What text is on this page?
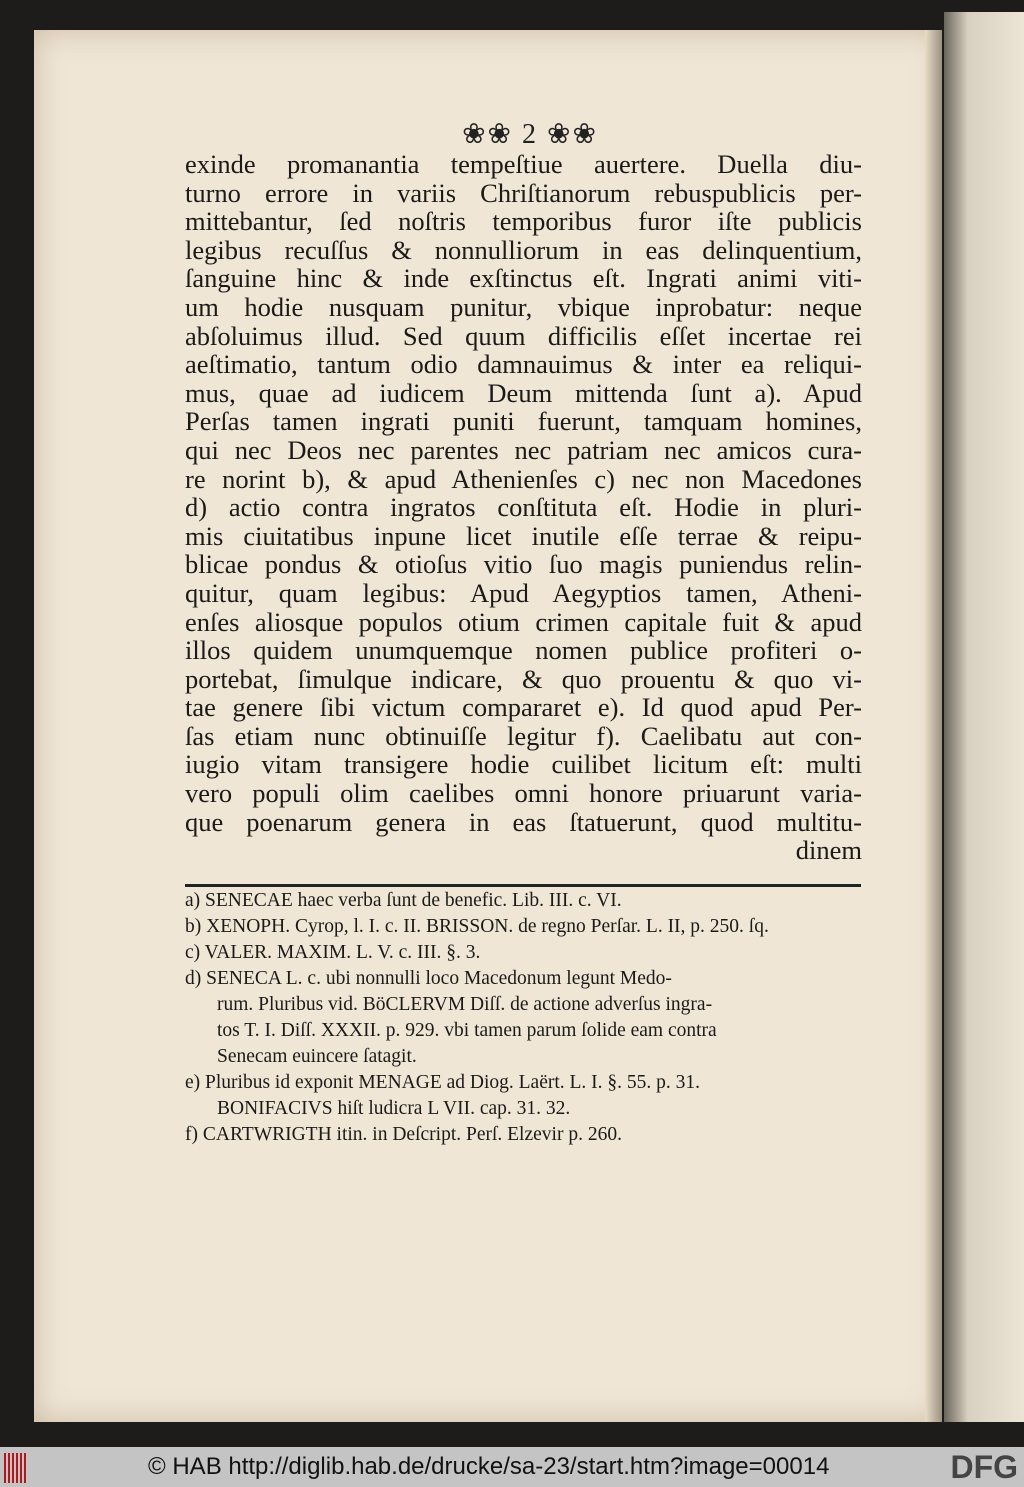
❀❀ 2 ❀❀
exinde promanantia tempeſtiue auertere. Duella diu-
turno errore in variis Chriſtianorum rebuspublicis per-
mittebantur, ſed noſtris temporibus furor iſte publicis
legibus recuſſus & nonnulliorum in eas delinquentium,
ſanguine hinc & inde exſtinctus eſt. Ingrati animi viti-
um hodie nusquam punitur, vbique inprobatur: neque
abſoluimus illud. Sed quum difficilis eſſet incertae rei
aeſtimatio, tantum odio damnauimus & inter ea reliqui-
mus, quae ad iudicem Deum mittenda ſunt a). Apud
Perſas tamen ingrati puniti fuerunt, tamquam homines,
qui nec Deos nec parentes nec patriam nec amicos cura-
re norint b), & apud Athenienſes c) nec non Macedones
d) actio contra ingratos conſtituta eſt. Hodie in pluri-
mis ciuitatibus inpune licet inutile eſſe terrae & reipu-
blicae pondus & otioſus vitio ſuo magis puniendus relin-
quitur, quam legibus: Apud Aegyptios tamen, Atheni-
enſes aliosque populos otium crimen capitale fuit & apud
illos quidem unumquemque nomen publice profiteri o-
portebat, ſimulque indicare, & quo prouentu & quo vi-
tae genere ſibi victum compararet e). Id quod apud Per-
ſas etiam nunc obtinuiſſe legitur f). Caelibatu aut con-
iugio vitam transigere hodie cuilibet licitum eſt: multi
vero populi olim caelibes omni honore priuarunt varia-
que poenarum genera in eas ſtatuerunt, quod multitu-
dinem
a) SENECAE haec verba ſunt de benefic. Lib. III. c. VI.
b) XENOPH. Cyrop, l. I. c. II. BRISSON. de regno Perſar. L. II, p. 250. ſq.
c) VALER. MAXIM. L. V. c. III. §. 3.
d) SENECA L. c. ubi nonnulli loco Macedonum legunt Medo-
rum. Pluribus vid. BöCLERVM Diſſ. de actione adverſus ingra-
tos T. I. Diſſ. XXXII. p. 929. vbi tamen parum ſolide eam contra
Senecam euincere ſatagit.
e) Pluribus id exponit MENAGE ad Diog. Laërt. L. I. §. 55. p. 31.
BONIFACIVS hiſt ludicra L VII. cap. 31. 32.
f) CARTWRIGTH itin. in Deſcript. Perſ. Elzevir p. 260.
© HAB http://diglib.hab.de/drucke/sa-23/start.htm?image=00014	DFG
